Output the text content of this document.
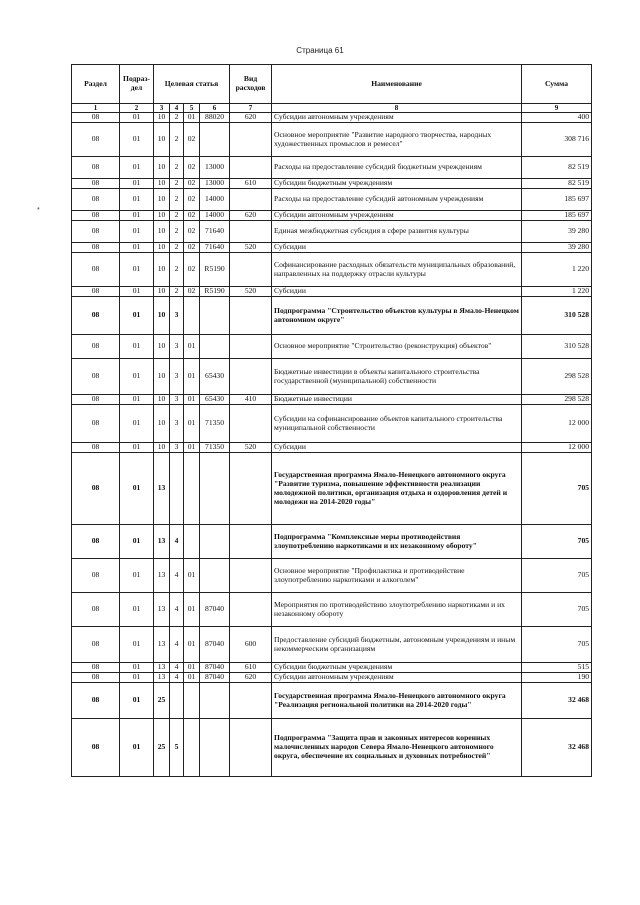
Страница 61
*
Раздел	Подраз-дел	Целевая статья				Вид расходов	Наименование	Сумма
1	2	3	4	5	6	7	8	9
08	01	10	2	01	88020	620	Субсидии автономным учреждениям	400
08	01	10	2	02			Основное мероприятие "Развитие народного творчества, народных художественных промыслов и ремесел"	308 716
08	01	10	2	02	13000		Расходы на предоставление субсидий бюджетным учреждениям	82 519
08	01	10	2	02	13000	610	Субсидии бюджетным учреждениям	82 519
08	01	10	2	02	14000		Расходы на предоставление субсидий автономным учреждениям	185 697
08	01	10	2	02	14000	620	Субсидии автономным учреждениям	185 697
08	01	10	2	02	71640		Единая межбюджетная субсидия в сфере развития культуры	39 280
08	01	10	2	02	71640	520	Субсидии	39 280
08	01	10	2	02	R5190		Софинансирование расходных обязательств муниципальных образований, направленных на поддержку отрасли культуры	1 220
08	01	10	2	02	R5190	520	Субсидии	1 220
08	01	10	3				Подпрограмма "Строительство объектов культуры в Ямало-Ненецком автономном округе"	310 528
08	01	10	3	01			Основное мероприятие "Строительство (реконструкция) объектов"	310 528
08	01	10	3	01	65430		Бюджетные инвестиции в объекты капитального строительства государственной (муниципальной) собственности	298 528
08	01	10	3	01	65430	410	Бюджетные инвестиции	298 528
08	01	10	3	01	71350		Субсидии на софинансирование объектов капитального строительства муниципальной собственности	12 000
08	01	10	3	01	71350	520	Субсидии	12 000
08	01	13					Государственная программа Ямало-Ненецкого автономного округа "Развитие туризма, повышение эффективности реализации молодежной политики, организация отдыха и оздоровления детей и молодежи на 2014-2020 годы"	705
08	01	13	4				Подпрограмма "Комплексные меры противодействия злоупотреблению наркотиками и их незаконному обороту"	705
08	01	13	4	01			Основное мероприятие "Профилактика и противодействие злоупотреблению наркотиками и алкоголем"	705
08	01	13	4	01	87040		Мероприятия по противодействию злоупотреблению наркотиками и их незаконному обороту	705
08	01	13	4	01	87040	600	Предоставление субсидий бюджетным, автономным учреждениям и иным некоммерческим организациям	705
08	01	13	4	01	87040	610	Субсидии бюджетным учреждениям	515
08	01	13	4	01	87040	620	Субсидии автономным учреждениям	190
08	01	25					Государственная программа Ямало-Ненецкого автономного округа "Реализация региональной политики на 2014-2020 годы"	32 468
08	01	25	5				Подпрограмма "Защита прав и законных интересов коренных малочисленных народов Севера Ямало-Ненецкого автономного округа, обеспечение их социальных и духовных потребностей"	32 468
